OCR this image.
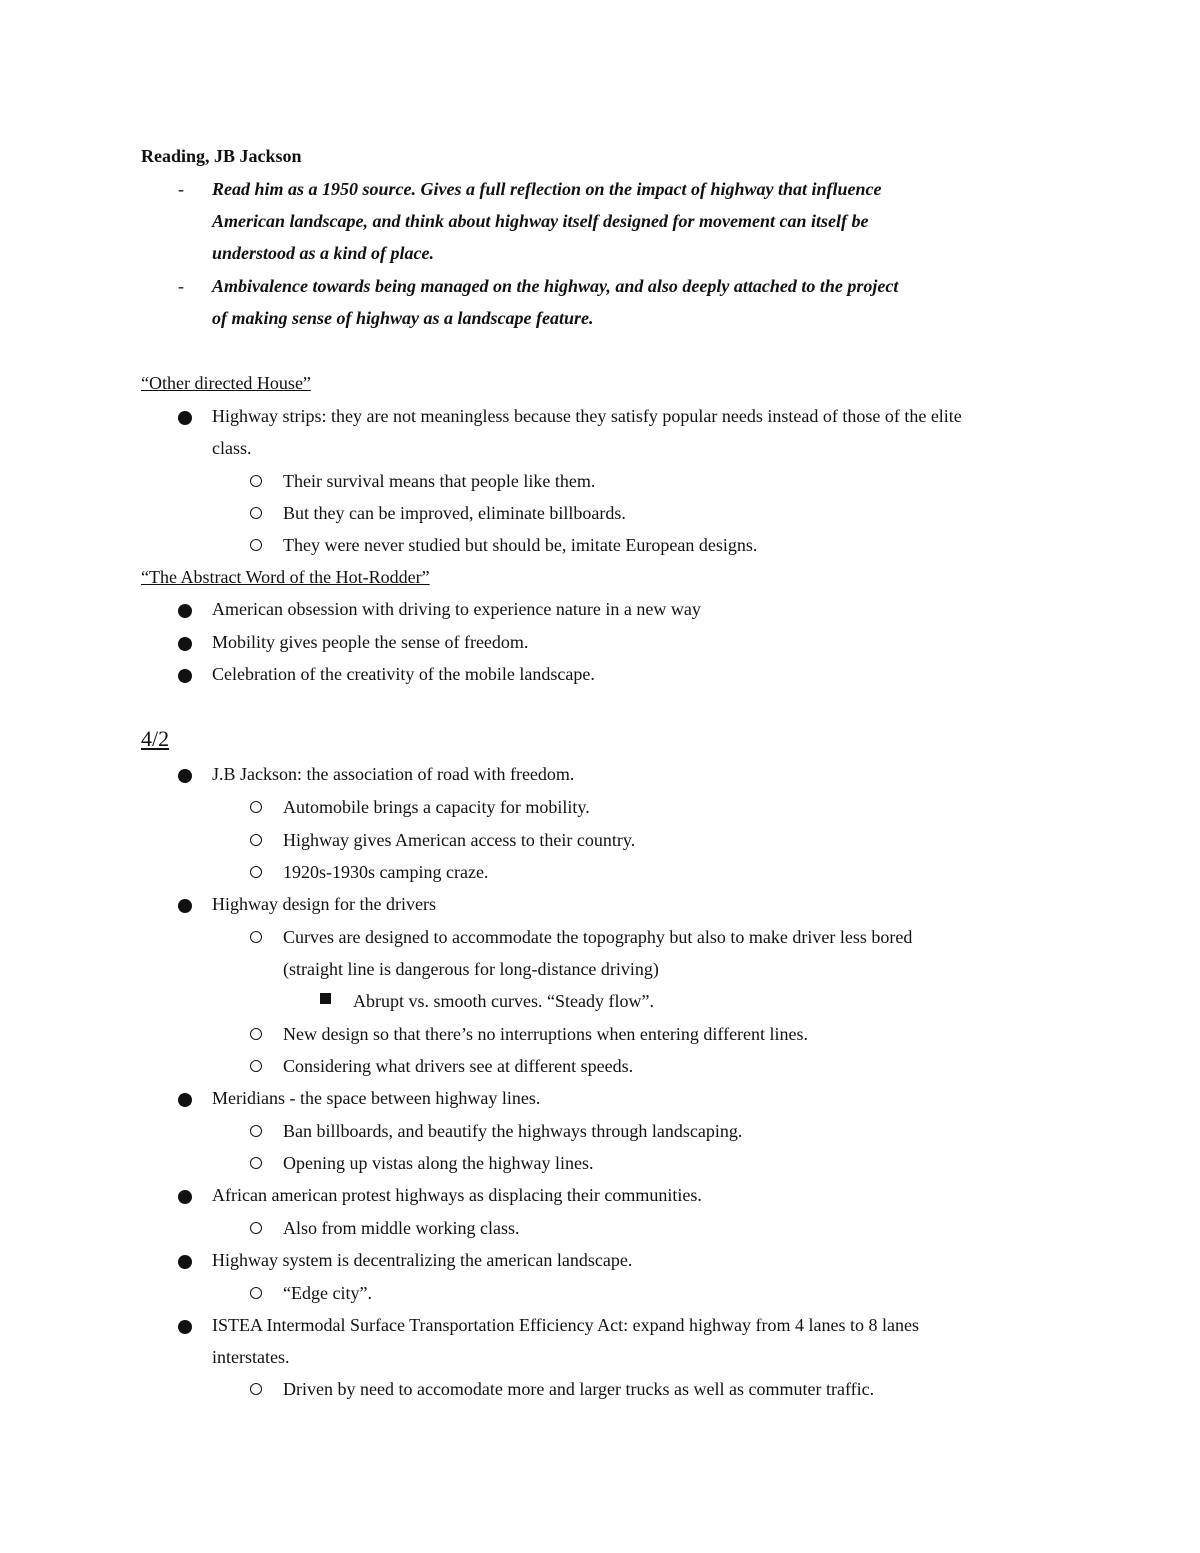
Reading, JB Jackson
-	Read him as a 1950 source. Gives a full reflection on the impact of highway that influence
American landscape, and think about highway itself designed for movement can itself be
understood as a kind of place.
-	Ambivalence towards being managed on the highway, and also deeply attached to the project
of making sense of highway as a landscape feature.
“Other directed House”
Highway strips: they are not meaningless because they satisfy popular needs instead of those of the elite
class.
Their survival means that people like them.
But they can be improved, eliminate billboards.
They were never studied but should be, imitate European designs.
“The Abstract Word of the Hot-Rodder”
American obsession with driving to experience nature in a new way
Mobility gives people the sense of freedom.
Celebration of the creativity of the mobile landscape.
4/2
J.B Jackson: the association of road with freedom.
Automobile brings a capacity for mobility.
Highway gives American access to their country.
1920s-1930s camping craze.
Highway design for the drivers
Curves are designed to accommodate the topography but also to make driver less bored
(straight line is dangerous for long-distance driving)
Abrupt vs. smooth curves. “Steady flow”.
New design so that there’s no interruptions when entering different lines.
Considering what drivers see at different speeds.
Meridians - the space between highway lines.
Ban billboards, and beautify the highways through landscaping.
Opening up vistas along the highway lines.
African american protest highways as displacing their communities.
Also from middle working class.
Highway system is decentralizing the american landscape.
“Edge city”.
ISTEA Intermodal Surface Transportation Efficiency Act: expand highway from 4 lanes to 8 lanes
interstates.
Driven by need to accomodate more and larger trucks as well as commuter traffic.
